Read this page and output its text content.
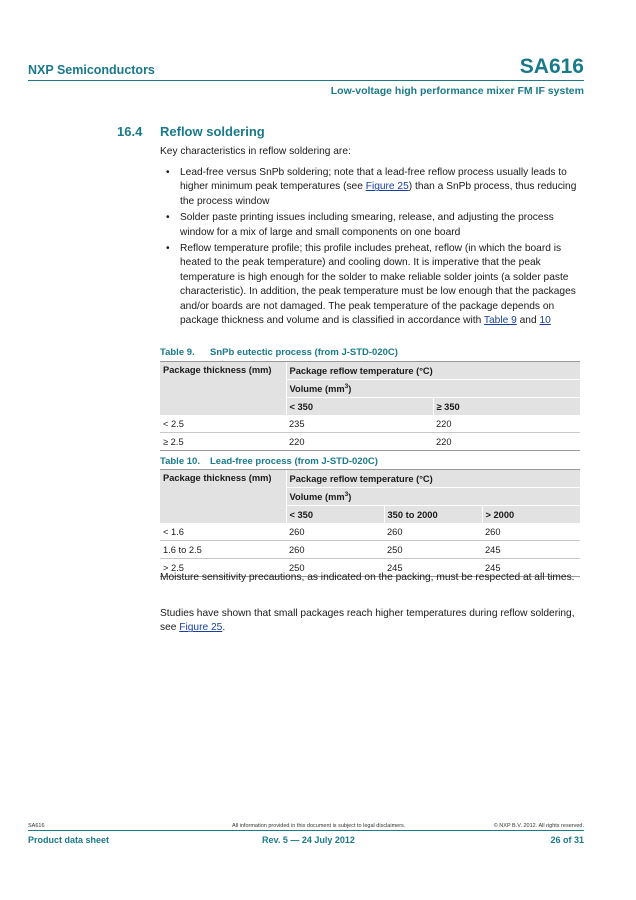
NXP Semiconductors	SA616
Low-voltage high performance mixer FM IF system
16.4 Reflow soldering
Key characteristics in reflow soldering are:
• Lead-free versus SnPb soldering; note that a lead-free reflow process usually leads to higher minimum peak temperatures (see Figure 25) than a SnPb process, thus reducing the process window
• Solder paste printing issues including smearing, release, and adjusting the process window for a mix of large and small components on one board
• Reflow temperature profile; this profile includes preheat, reflow (in which the board is heated to the peak temperature) and cooling down. It is imperative that the peak temperature is high enough for the solder to make reliable solder joints (a solder paste characteristic). In addition, the peak temperature must be low enough that the packages and/or boards are not damaged. The peak temperature of the package depends on package thickness and volume and is classified in accordance with Table 9 and 10
Table 9. SnPb eutectic process (from J-STD-020C)
Package thickness (mm)	Package reflow temperature (°C)	
	Volume $(mm^3)$	
	< 350	≥ 350
< 2.5	235	220
≥ 2.5	220	220
Table 10. Lead-free process (from J-STD-020C)
Package thickness (mm)	Package reflow temperature (°C)		
	Volume $(mm^3)$		
	< 350	350 to 2000	> 2000
< 1.6	260	260	260
1.6 to 2.5	260	250	245
> 2.5	250	245	245
Moisture sensitivity precautions, as indicated on the packing, must be respected at all times.
Studies have shown that small packages reach higher temperatures during reflow soldering, see Figure 25.
SA616	All information provided in this document is subject to legal disclaimers.	© NXP B.V. 2012. All rights reserved.
Product data sheet	Rev. 5 — 24 July 2012	26 of 31
